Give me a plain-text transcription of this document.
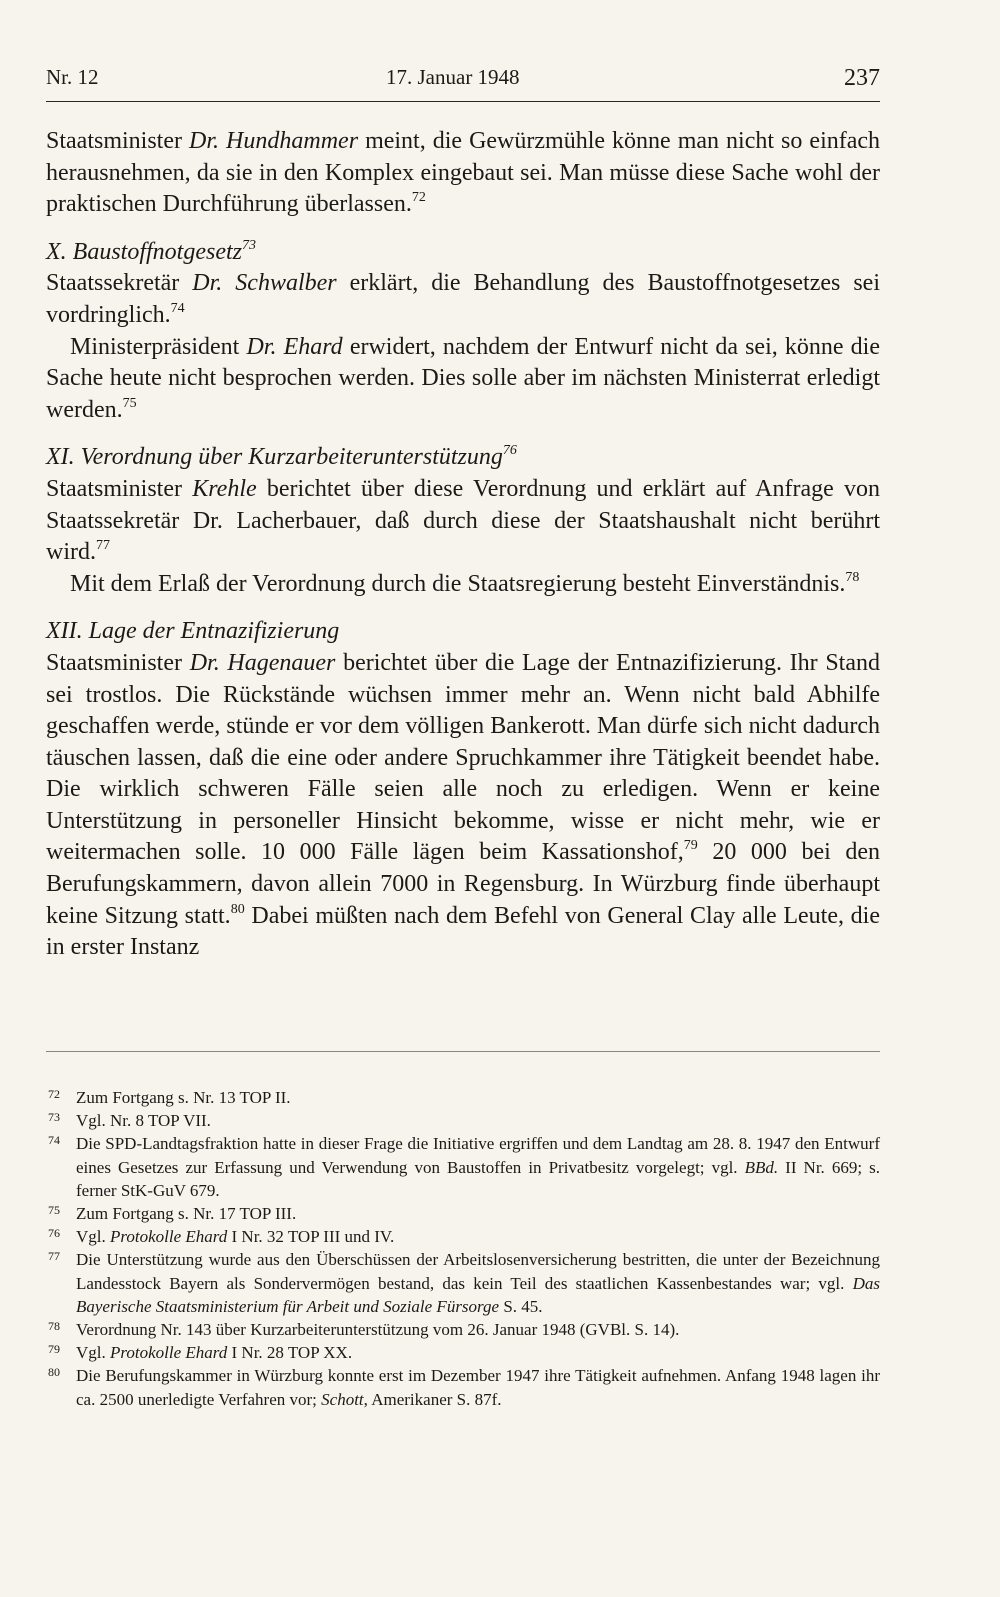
Nr. 12	17. Januar 1948	237

Staatsminister Dr. Hundhammer meint, die Gewürzmühle könne man nicht so einfach herausnehmen, da sie in den Komplex eingebaut sei. Man müsse diese Sache wohl der praktischen Durchführung überlassen.$^{72}$

X. Baustoffnotgesetz$^{73}$

Staatssekretär Dr. Schwalber erklärt, die Behandlung des Baustoffnotgesetzes sei vordringlich.$^{74}$

Ministerpräsident Dr. Ehard erwidert, nachdem der Entwurf nicht da sei, könne die Sache heute nicht besprochen werden. Dies solle aber im nächsten Ministerrat erledigt werden.$^{75}$

XI. Verordnung über Kurzarbeiterunterstützung$^{76}$

Staatsminister Krehle berichtet über diese Verordnung und erklärt auf Anfrage von Staatssekretär Dr. Lacherbauer, daß durch diese der Staatshaushalt nicht berührt wird.$^{77}$

Mit dem Erlaß der Verordnung durch die Staatsregierung besteht Einverständnis.$^{78}$

XII. Lage der Entnazifizierung

Staatsminister Dr. Hagenauer berichtet über die Lage der Entnazifizierung. Ihr Stand sei trostlos. Die Rückstände wüchsen immer mehr an. Wenn nicht bald Abhilfe geschaffen werde, stünde er vor dem völligen Bankerott. Man dürfe sich nicht dadurch täuschen lassen, daß die eine oder andere Spruchkammer ihre Tätigkeit beendet habe. Die wirklich schweren Fälle seien alle noch zu erledigen. Wenn er keine Unterstützung in personeller Hinsicht bekomme, wisse er nicht mehr, wie er weitermachen solle. 10 000 Fälle lägen beim Kassationshof,$^{79}$ 20 000 bei den Berufungskammern, davon allein 7000 in Regensburg. In Würzburg finde überhaupt keine Sitzung statt.$^{80}$ Dabei müßten nach dem Befehl von General Clay alle Leute, die in erster Instanz

72 Zum Fortgang s. Nr. 13 TOP II.
73 Vgl. Nr. 8 TOP VII.
74 Die SPD-Landtagsfraktion hatte in dieser Frage die Initiative ergriffen und dem Landtag am 28. 8. 1947 den Entwurf eines Gesetzes zur Erfassung und Verwendung von Baustoffen in Privatbesitz vorgelegt; vgl. BBd. II Nr. 669; s. ferner StK-GuV 679.
75 Zum Fortgang s. Nr. 17 TOP III.
76 Vgl. Protokolle Ehard I Nr. 32 TOP III und IV.
77 Die Unterstützung wurde aus den Überschüssen der Arbeitslosenversicherung bestritten, die unter der Bezeichnung Landesstock Bayern als Sondervermögen bestand, das kein Teil des staatlichen Kassenbestandes war; vgl. Das Bayerische Staatsministerium für Arbeit und Soziale Fürsorge S. 45.
78 Verordnung Nr. 143 über Kurzarbeiterunterstützung vom 26. Januar 1948 (GVBl. S. 14).
79 Vgl. Protokolle Ehard I Nr. 28 TOP XX.
80 Die Berufungskammer in Würzburg konnte erst im Dezember 1947 ihre Tätigkeit aufnehmen. Anfang 1948 lagen ihr ca. 2500 unerledigte Verfahren vor; Schott, Amerikaner S. 87f.
